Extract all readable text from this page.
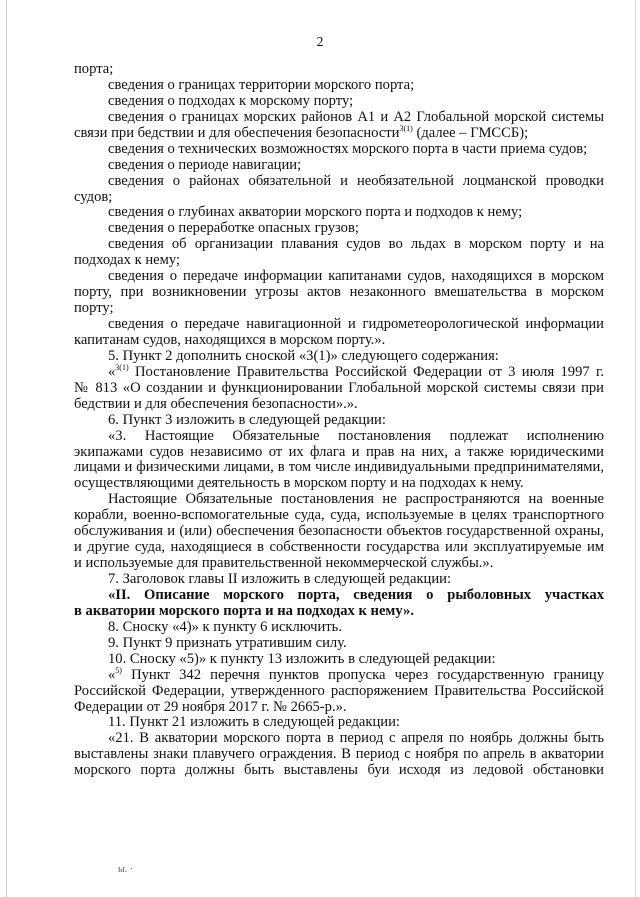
2
порта;
сведения о границах территории морского порта;
сведения о подходах к морскому порту;
сведения о границах морских районов А1 и А2 Глобальной морской системы
связи при бедствии и для обеспечения безопасности$^{3(1)}$ (далее – ГМССБ);
сведения о технических возможностях морского порта в части приема судов;
сведения о периоде навигации;
сведения о районах обязательной и необязательной лоцманской проводки
судов;
сведения о глубинах акватории морского порта и подходов к нему;
сведения о переработке опасных грузов;
сведения об организации плавания судов во льдах в морском порту и на
подходах к нему;
сведения о передаче информации капитанами судов, находящихся в морском
порту, при возникновении угрозы актов незаконного вмешательства в морском
порту;
сведения о передаче навигационной и гидрометеорологической информации
капитанам судов, находящихся в морском порту.».
5. Пункт 2 дополнить сноской «3(1)» следующего содержания:
«$^{3(1)}$ Постановление Правительства Российской Федерации от 3 июля 1997 г.
№ 813 «О создании и функционировании Глобальной морской системы связи при
бедствии и для обеспечения безопасности».».
6. Пункт 3 изложить в следующей редакции:
«3. Настоящие Обязательные постановления подлежат исполнению
экипажами судов независимо от их флага и прав на них, а также юридическими
лицами и физическими лицами, в том числе индивидуальными предпринимателями,
осуществляющими деятельность в морском порту и на подходах к нему.
Настоящие Обязательные постановления не распространяются на военные
корабли, военно-вспомогательные суда, суда, используемые в целях транспортного
обслуживания и (или) обеспечения безопасности объектов государственной охраны,
и другие суда, находящиеся в собственности государства или эксплуатируемые им
и используемые для правительственной некоммерческой службы.».
7. Заголовок главы II изложить в следующей редакции:
«II. Описание морского порта, сведения о рыболовных участках
в акватории морского порта и на подходах к нему».
8. Сноску «4)» к пункту 6 исключить.
9. Пункт 9 признать утратившим силу.
10. Сноску «5)» к пункту 13 изложить в следующей редакции:
«$^{5)}$ Пункт 342 перечня пунктов пропуска через государственную границу
Российской Федерации, утвержденного распоряжением Правительства Российской
Федерации от 29 ноября 2017 г. № 2665-р.».
11. Пункт 21 изложить в следующей редакции:
«21. В акватории морского порта в период с апреля по ноябрь должны быть
выставлены знаки плавучего ограждения. В период с ноября по апрель в акватории
морского порта должны быть выставлены буи исходя из ледовой обстановки
ы. ·
